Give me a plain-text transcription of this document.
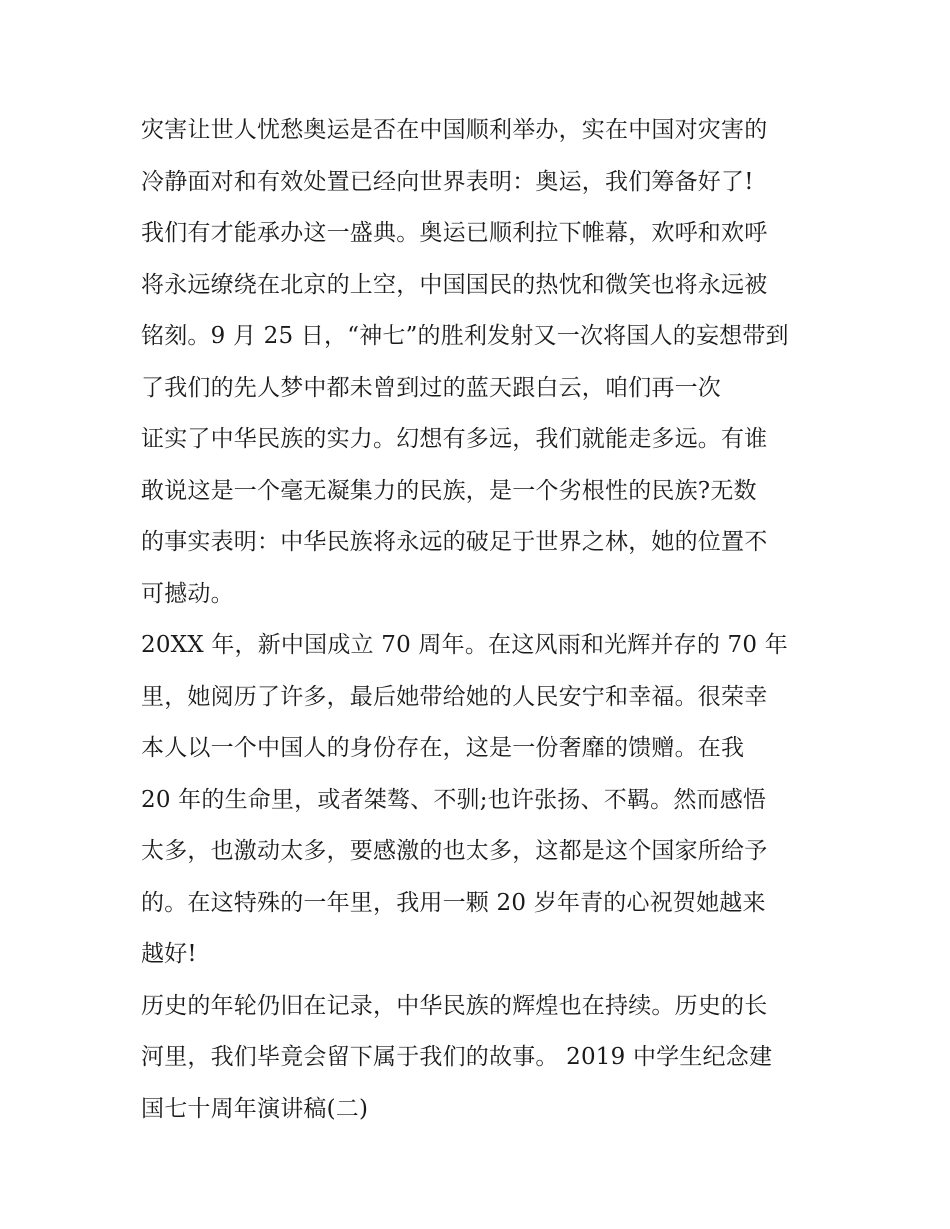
灾害让世人忧愁奥运是否在中国顺利举办，实在中国对灾害的
冷静面对和有效处置已经向世界表明：奥运，我们筹备好了!
我们有才能承办这一盛典。奥运已顺利拉下帷幕，欢呼和欢呼
将永远缭绕在北京的上空，中国国民的热忱和微笑也将永远被
铭刻。9 月 25 日，“神七”的胜利发射又一次将国人的妄想带到
了我们的先人梦中都未曾到过的蓝天跟白云，咱们再一次
证实了中华民族的实力。幻想有多远，我们就能走多远。有谁
敢说这是一个毫无凝集力的民族，是一个劣根性的民族?无数
的事实表明：中华民族将永远的破足于世界之林，她的位置不
可撼动。
20XX 年，新中国成立 70 周年。在这风雨和光辉并存的 70 年
里，她阅历了许多，最后她带给她的人民安宁和幸福。很荣幸
本人以一个中国人的身份存在，这是一份奢靡的馈赠。在我
20 年的生命里，或者桀骜、不驯;也许张扬、不羁。然而感悟
太多，也激动太多，要感激的也太多，这都是这个国家所给予
的。在这特殊的一年里，我用一颗 20 岁年青的心祝贺她越来
越好!
历史的年轮仍旧在记录，中华民族的辉煌也在持续。历史的长
河里，我们毕竟会留下属于我们的故事。 2019 中学生纪念建
国七十周年演讲稿(二)
